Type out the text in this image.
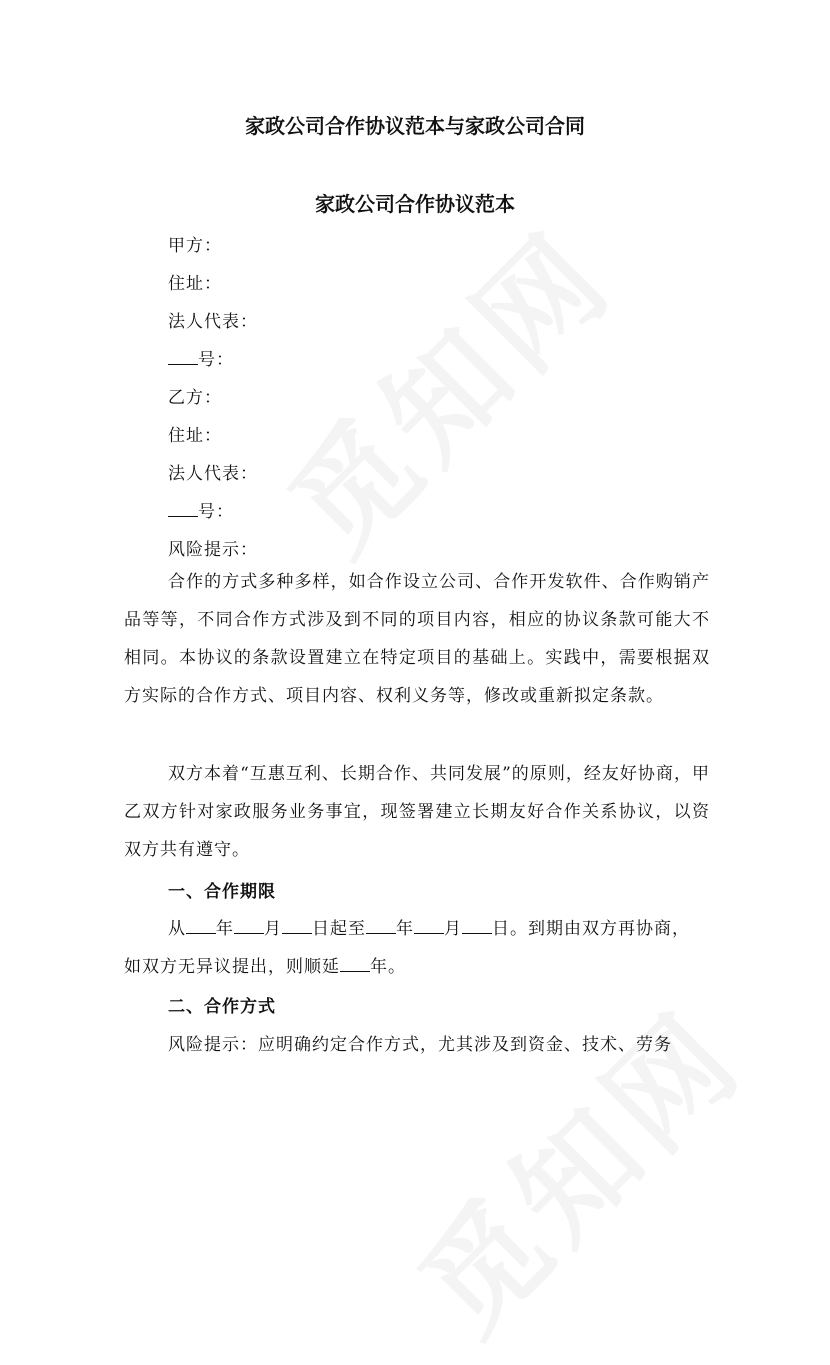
家政公司合作协议范本与家政公司合同
家政公司合作协议范本
甲方：
住址：
法人代表：
号：
乙方：
住址：
法人代表：
号：
风险提示：
合作的方式多种多样，如合作设立公司、合作开发软件、合作购销产品等等，不同合作方式涉及到不同的项目内容，相应的协议条款可能大不相同。本协议的条款设置建立在特定项目的基础上。实践中，需要根据双方实际的合作方式、项目内容、权利义务等，修改或重新拟定条款。
双方本着“互惠互利、长期合作、共同发展”的原则，经友好协商，甲乙双方针对家政服务业务事宜，现签署建立长期友好合作关系协议，以资双方共有遵守。
一、合作期限
从 年 月 日起至 年 月 日。到期由双方再协商，
如双方无异议提出，则顺延 年。
二、合作方式
风险提示：应明确约定合作方式，尤其涉及到资金、技术、劳务
